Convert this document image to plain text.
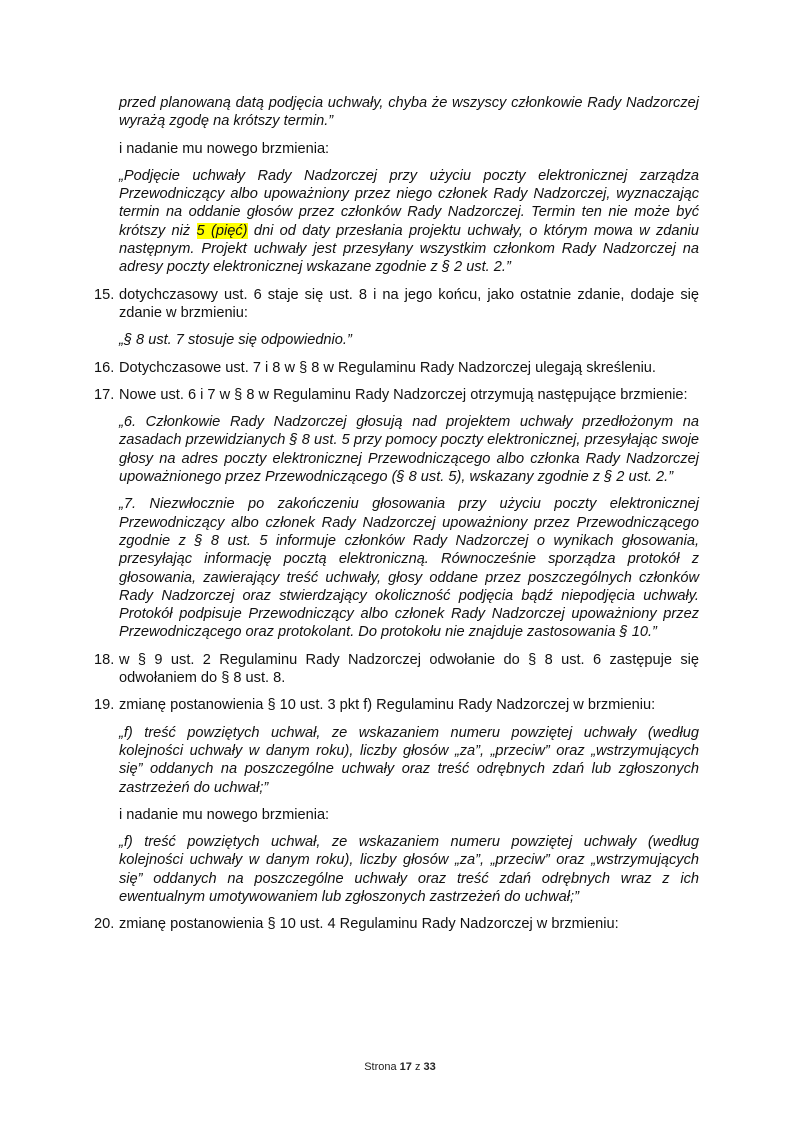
przed planowaną datą podjęcia uchwały, chyba że wszyscy członkowie Rady Nadzorczej wyrażą zgodę na krótszy termin.”

i nadanie mu nowego brzmienia:

„Podjęcie uchwały Rady Nadzorczej przy użyciu poczty elektronicznej zarządza Przewodniczący albo upoważniony przez niego członek Rady Nadzorczej, wyznaczając termin na oddanie głosów przez członków Rady Nadzorczej. Termin ten nie może być krótszy niż 5 (pięć) dni od daty przesłania projektu uchwały, o którym mowa w zdaniu następnym. Projekt uchwały jest przesyłany wszystkim członkom Rady Nadzorczej na adresy poczty elektronicznej wskazane zgodnie z § 2 ust. 2.”

15. dotychczasowy ust. 6 staje się ust. 8 i na jego końcu, jako ostatnie zdanie, dodaje się zdanie w brzmieniu:

„§ 8 ust. 7 stosuje się odpowiednio.”

16. Dotychczasowe ust. 7 i 8 w § 8 w Regulaminu Rady Nadzorczej ulegają skreśleniu.
17. Nowe ust. 6 i 7 w § 8 w Regulaminu Rady Nadzorczej otrzymują następujące brzmienie:

„6. Członkowie Rady Nadzorczej głosują nad projektem uchwały przedłożonym na zasadach przewidzianych § 8 ust. 5 przy pomocy poczty elektronicznej, przesyłając swoje głosy na adres poczty elektronicznej Przewodniczącego albo członka Rady Nadzorczej upoważnionego przez Przewodniczącego (§ 8 ust. 5), wskazany zgodnie z § 2 ust. 2.”

„7. Niezwłocznie po zakończeniu głosowania przy użyciu poczty elektronicznej Przewodniczący albo członek Rady Nadzorczej upoważniony przez Przewodniczącego zgodnie z § 8 ust. 5 informuje członków Rady Nadzorczej o wynikach głosowania, przesyłając informację pocztą elektroniczną. Równocześnie sporządza protokół z głosowania, zawierający treść uchwały, głosy oddane przez poszczególnych członków Rady Nadzorczej oraz stwierdzający okoliczność podjęcia bądź niepodjęcia uchwały. Protokół podpisuje Przewodniczący albo członek Rady Nadzorczej upoważniony przez Przewodniczącego oraz protokolant. Do protokołu nie znajduje zastosowania § 10.”

18. w § 9 ust. 2 Regulaminu Rady Nadzorczej odwołanie do § 8 ust. 6 zastępuje się odwołaniem do § 8 ust. 8.
19. zmianę postanowienia § 10 ust. 3 pkt f) Regulaminu Rady Nadzorczej w brzmieniu:

„f) treść powziętych uchwał, ze wskazaniem numeru powziętej uchwały (według kolejności uchwały w danym roku), liczby głosów „za”, „przeciw” oraz „wstrzymujących się” oddanych na poszczególne uchwały oraz treść odrębnych zdań lub zgłoszonych zastrzeżeń do uchwał;”

i nadanie mu nowego brzmienia:

„f) treść powziętych uchwał, ze wskazaniem numeru powziętej uchwały (według kolejności uchwały w danym roku), liczby głosów „za”, „przeciw” oraz „wstrzymujących się” oddanych na poszczególne uchwały oraz treść zdań odrębnych wraz z ich ewentualnym umotywowaniem lub zgłoszonych zastrzeżeń do uchwał;”

20. zmianę postanowienia § 10 ust. 4 Regulaminu Rady Nadzorczej w brzmieniu:
Strona 17 z 33
